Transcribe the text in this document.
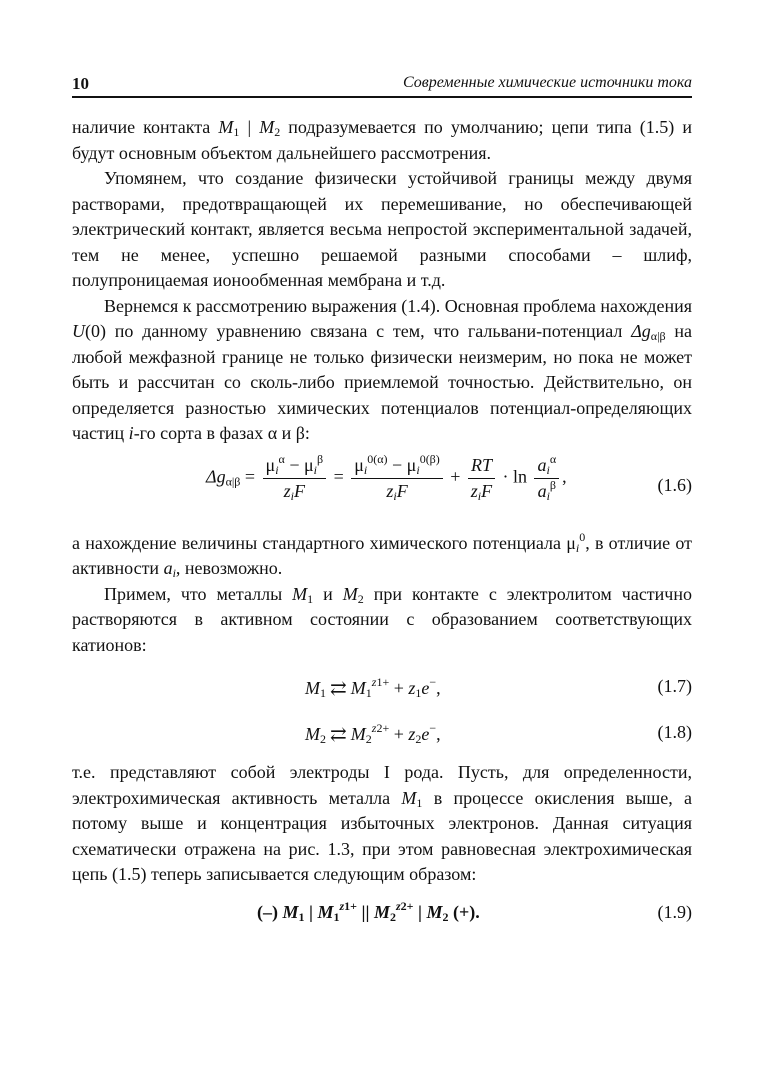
10	Современные химические источники тока

наличие контакта $M_1$ | $M_2$ подразумевается по умолчанию; цепи типа (1.5) и будут основным объектом дальнейшего рассмотрения.

Упомянем, что создание физически устойчивой границы между двумя растворами, предотвращающей их перемешивание, но обеспечивающей электрический контакт, является весьма непростой экспериментальной задачей, тем не менее, успешно решаемой разными способами – шлиф, полупроницаемая ионообменная мембрана и т.д.

Вернемся к рассмотрению выражения (1.4). Основная проблема нахождения U(0) по данному уравнению связана с тем, что гальвани-потенциал $\Delta g_{\alpha|\beta}$ на любой межфазной границе не только физически неизмерим, но пока не может быть и рассчитан со сколь-либо приемлемой точностью. Действительно, он определяется разностью химических потенциалов потенциал-определяющих частиц i-го сорта в фазах α и β:

$\Delta g_{\alpha|\beta} = \frac{\mu_i^\alpha - \mu_i^\beta}{z_iF} = \frac{\mu_i^{0(\alpha)} - \mu_i^{0(\beta)}}{z_iF} + \frac{RT}{z_iF} \cdot \ln \frac{a_i^\alpha}{a_i^\beta}$ ,	(1.6)

а нахождение величины стандартного химического потенциала $\mu_i^0$, в отличие от активности $a_i$, невозможно.

Примем, что металлы $M_1$ и $M_2$ при контакте с электролитом частично растворяются в активном состоянии с образованием соответствующих катионов:

$M_1$ ⇄ $M_1^{z1+} + z_1e^-$,	(1.7)
$M_2$ ⇄ $M_2^{z2+} + z_2e^-$,	(1.8)

т.е. представляют собой электроды I рода. Пусть, для определенности, электрохимическая активность металла $M_1$ в процессе окисления выше, а потому выше и концентрация избыточных электронов. Данная ситуация схематически отражена на рис. 1.3, при этом равновесная электрохимическая цепь (1.5) теперь записывается следующим образом:

(–) $M_1$ | $M_1^{z1+}$ || $M_2^{z2+}$ | $M_2$ (+).	(1.9)
